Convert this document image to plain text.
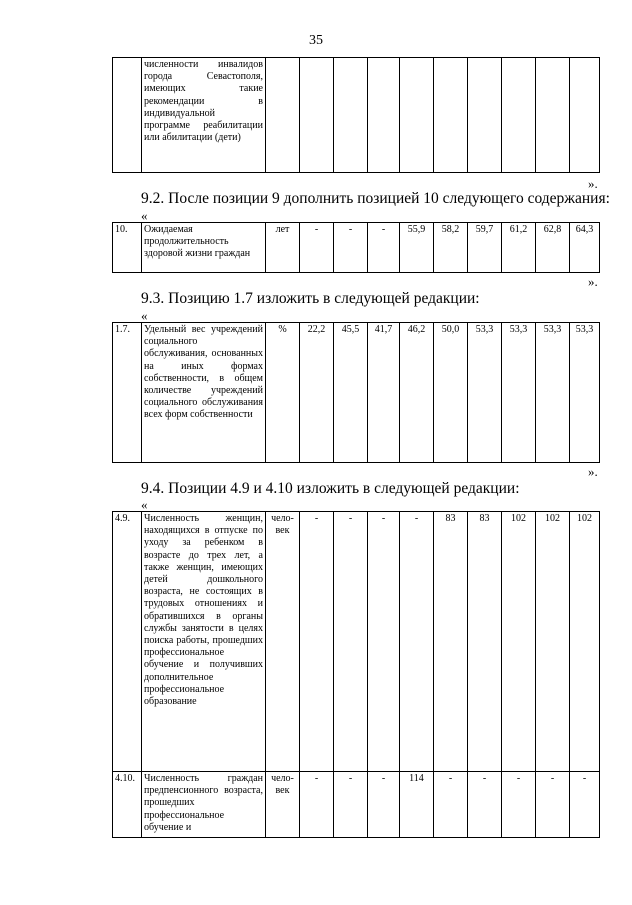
35
	численности инвалидов города Севастополя, имеющих такие рекомендации в индивидуальной программе реабилитации или абилитации (дети)											
».
9.2. После позиции 9 дополнить позицией 10 следующего содержания:
«
10.	Ожидаемая продолжительность здоровой жизни граждан	лет	-	-	-	55,9	58,2	59,7	61,2	62,8	64,3
».
9.3. Позицию 1.7 изложить в следующей редакции:
«
1.7.	Удельный вес учреждений социального обслуживания, основанных на иных формах собственности, в общем количестве учреждений социального обслуживания всех форм собственности	%	22,2	45,5	41,7	46,2	50,0	53,3	53,3	53,3	53,3
».
9.4. Позиции 4.9 и 4.10 изложить в следующей редакции:
«
4.9.	Численность женщин, находящихся в отпуске по уходу за ребенком в возрасте до трех лет, а также женщин, имеющих детей дошкольного возраста, не состоящих в трудовых отношениях и обратившихся в органы службы занятости в целях поиска работы, прошедших профессиональное обучение и получивших дополнительное профессиональное образование	чело- век	-	-	-	-	83	83	102	102	102
4.10.	Численность граждан предпенсионного возраста, прошедших профессиональное обучение и	чело- век	-	-	-	114	-	-	-	-	-
